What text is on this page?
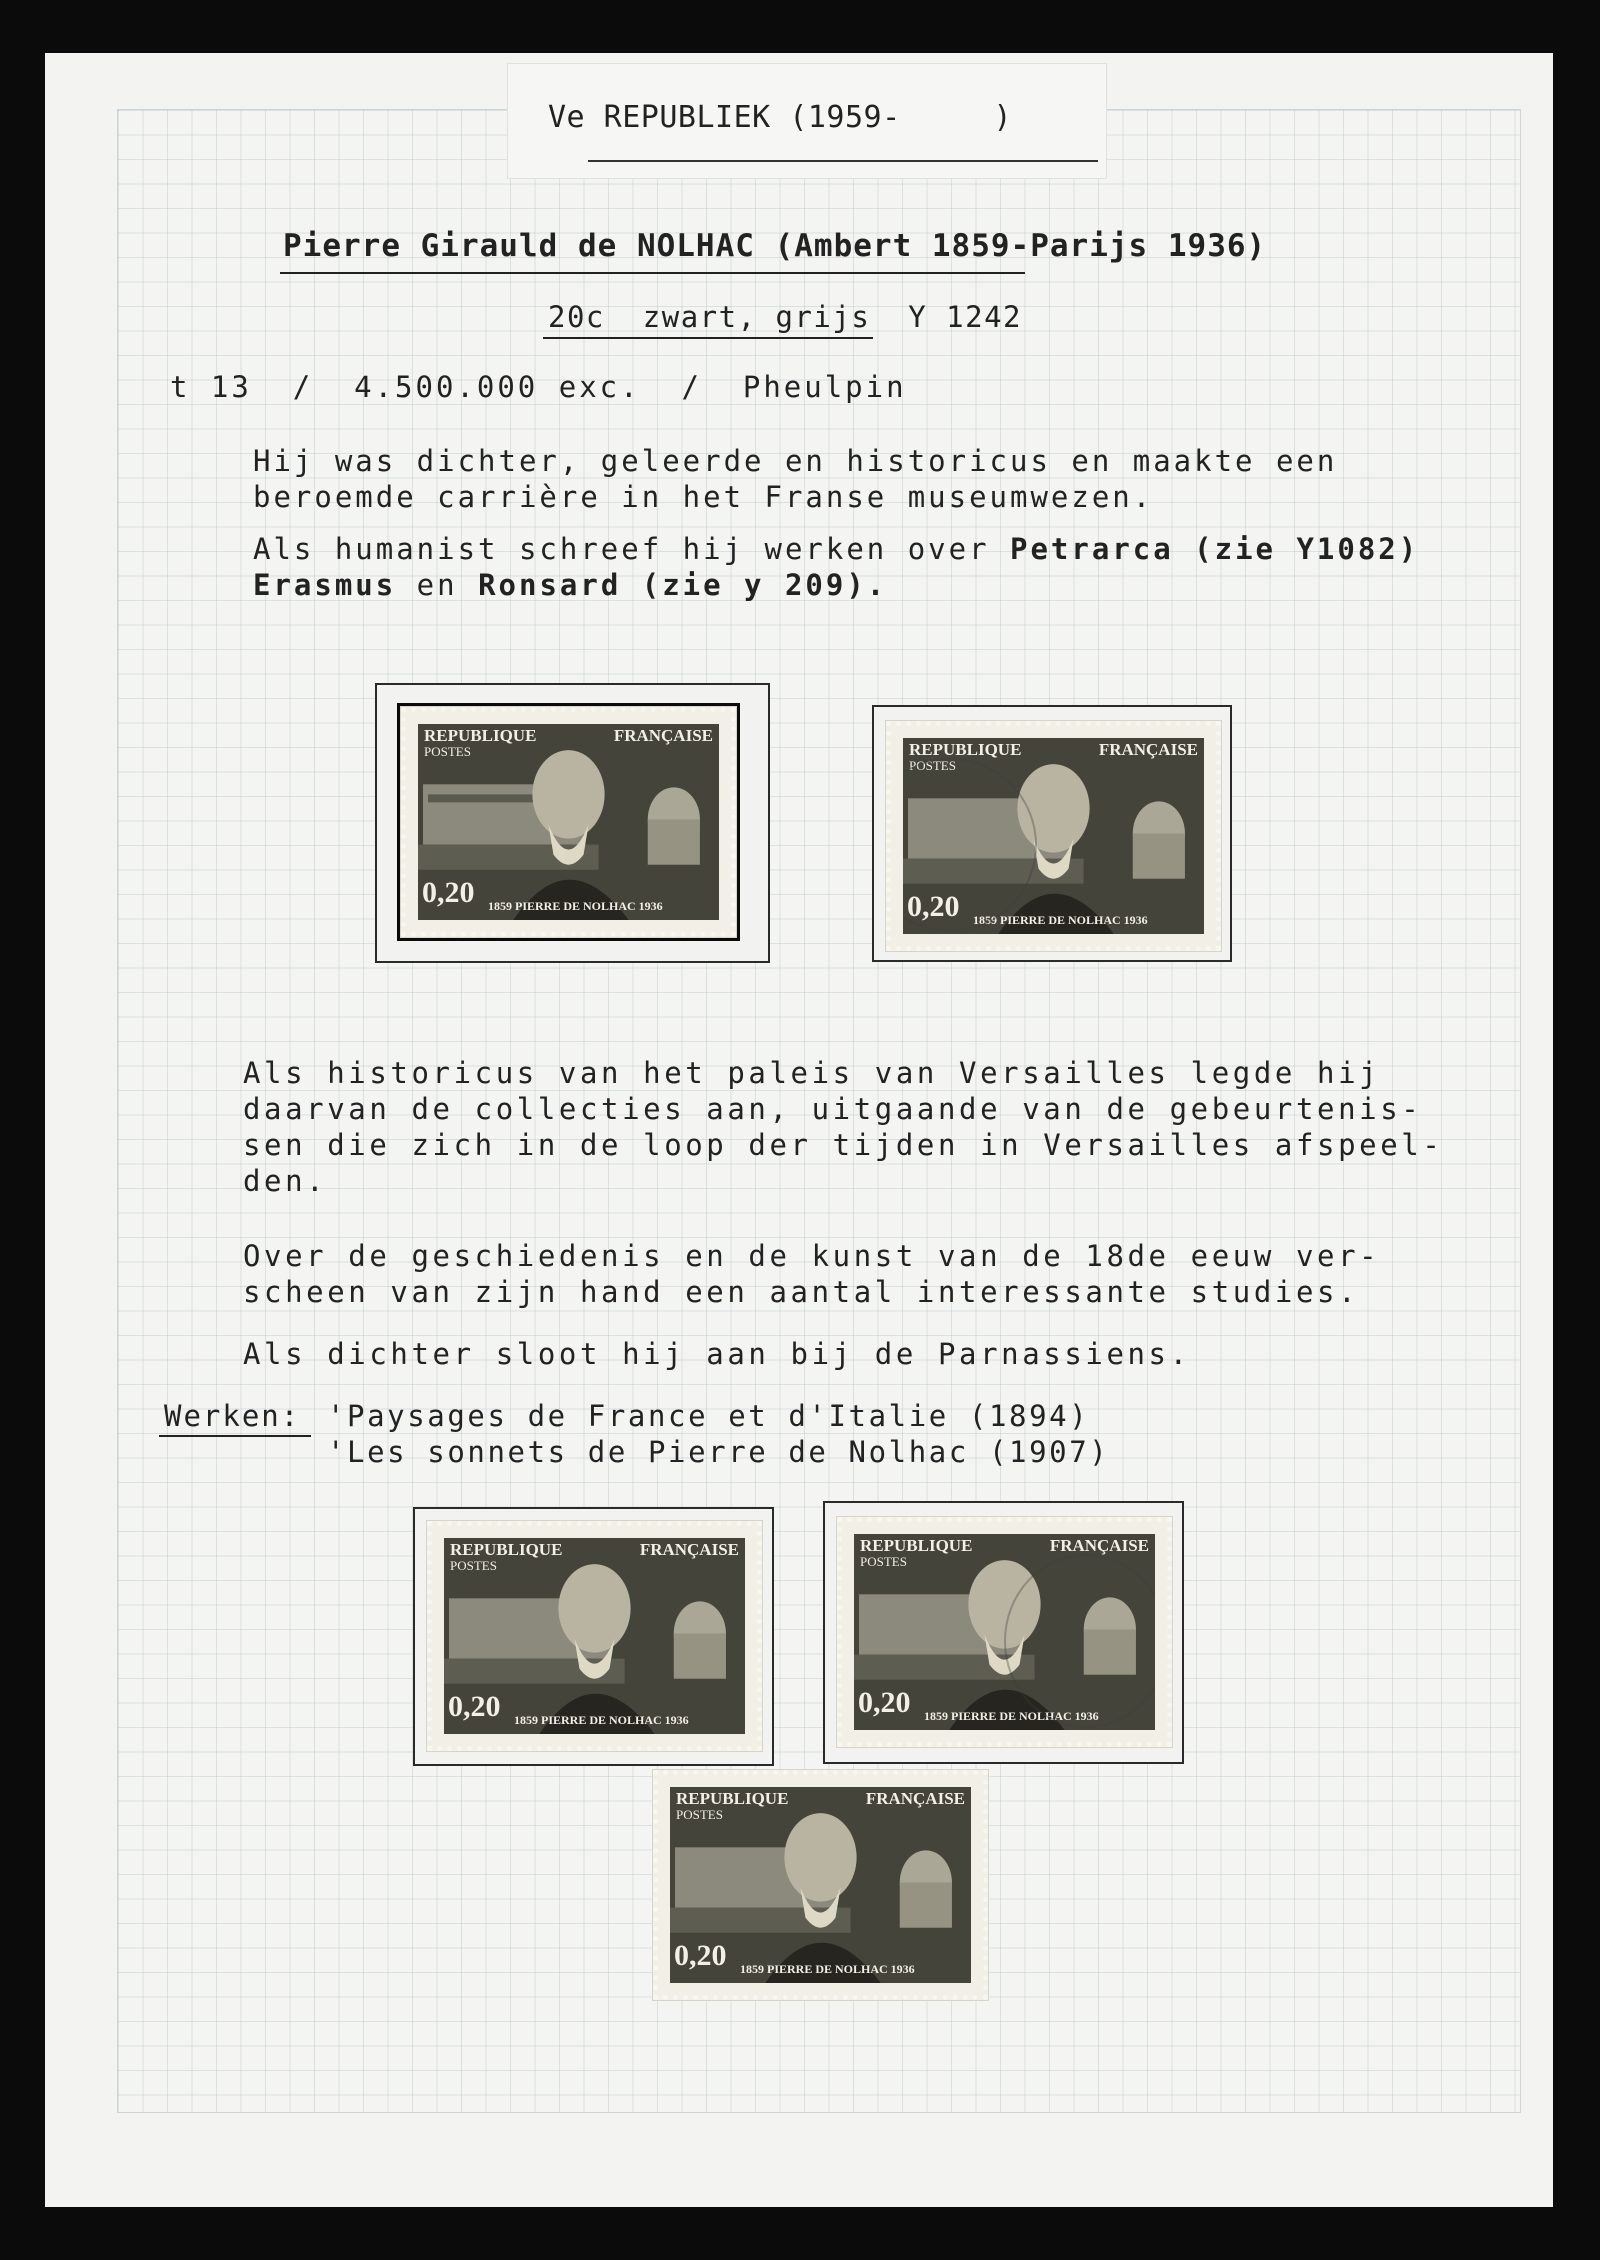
Ve REPUBLIEK (1959-     )
Pierre Girauld de NOLHAC (Ambert 1859-Parijs 1936)
20c  zwart, grijs  Y 1242
t 13  /  4.500.000 exc.  /  Pheulpin
Hij was dichter, geleerde en historicus en maakte een
beroemde carrière in het Franse museumwezen.
Als humanist schreef hij werken over Petrarca (zie Y1082)
Erasmus en Ronsard (zie y 209).
REPUBLIQUE
POSTES
FRANÇAISE
0,20 1859 PIERRE DE NOLHAC 1936
REPUBLIQUE
POSTES
FRANÇAISE
0,20 1859 PIERRE DE NOLHAC 1936
Als historicus van het paleis van Versailles legde hij
daarvan de collecties aan, uitgaande van de gebeurtenis-
sen die zich in de loop der tijden in Versailles afspeel-
den.
Over de geschiedenis en de kunst van de 18de eeuw ver-
scheen van zijn hand een aantal interessante studies.
Als dichter sloot hij aan bij de Parnassiens.
Werken: 'Paysages de France et d'Italie (1894)
'Les sonnets de Pierre de Nolhac (1907)
REPUBLIQUE
POSTES
FRANÇAISE
0,20 1859 PIERRE DE NOLHAC 1936
REPUBLIQUE
POSTES
FRANÇAISE
0,20 1859 PIERRE DE NOLHAC 1936
REPUBLIQUE
POSTES
FRANÇAISE
0,20 1859 PIERRE DE NOLHAC 1936
